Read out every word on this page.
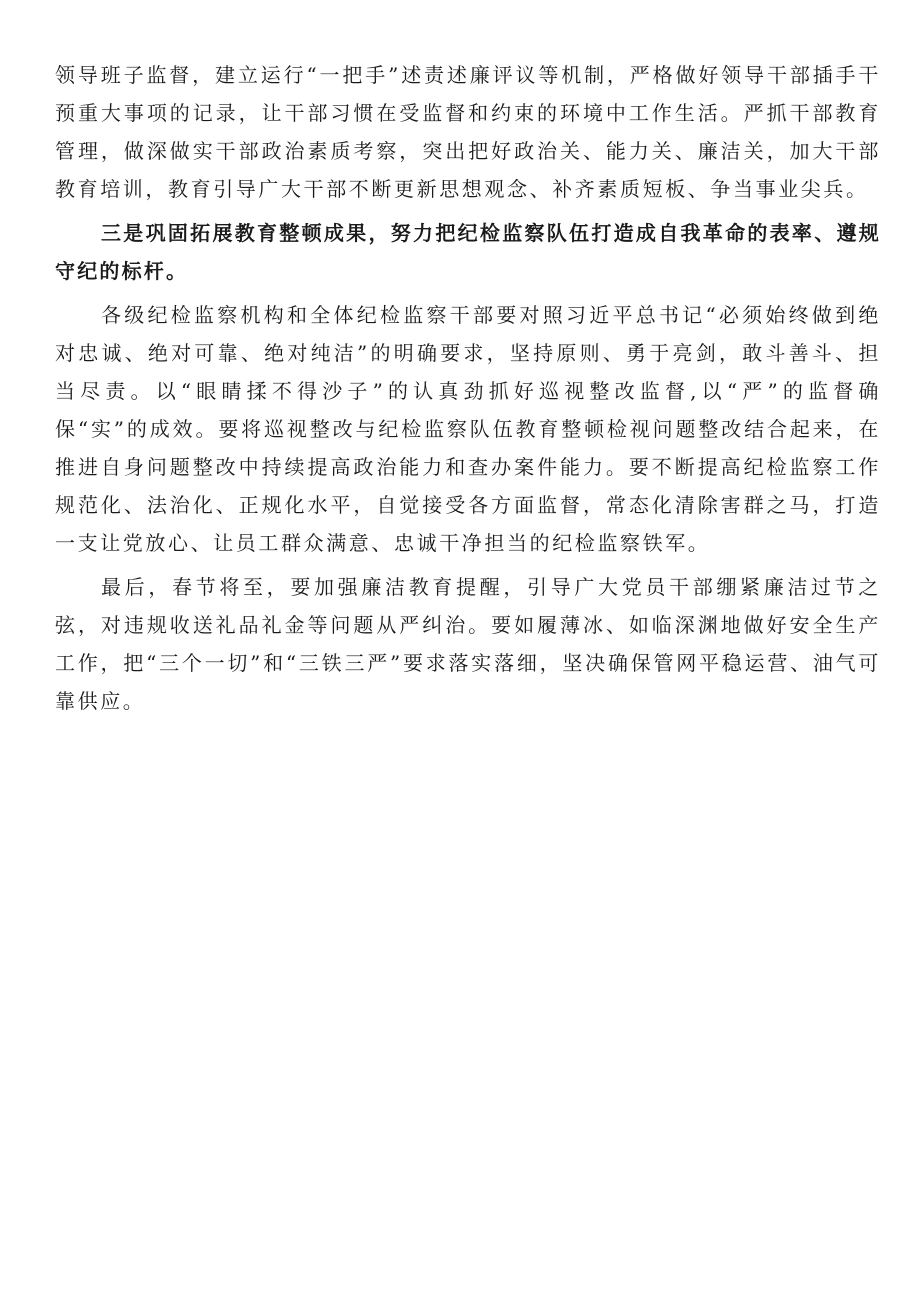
领导班子监督，建立运行“一把手”述责述廉评议等机制，严格做好领导干部插手干预重大事项的记录，让干部习惯在受监督和约束的环境中工作生活。严抓干部教育管理，做深做实干部政治素质考察，突出把好政治关、能力关、廉洁关，加大干部教育培训，教育引导广大干部不断更新思想观念、补齐素质短板、争当事业尖兵。

三是巩固拓展教育整顿成果，努力把纪检监察队伍打造成自我革命的表率、遵规守纪的标杆。

各级纪检监察机构和全体纪检监察干部要对照习近平总书记“必须始终做到绝对忠诚、绝对可靠、绝对纯洁”的明确要求，坚持原则、勇于亮剑，敢斗善斗、担当尽责。以“眼睛揉不得沙子”的认真劲抓好巡视整改监督,以“严”的监督确保“实”的成效。要将巡视整改与纪检监察队伍教育整顿检视问题整改结合起来，在推进自身问题整改中持续提高政治能力和查办案件能力。要不断提高纪检监察工作规范化、法治化、正规化水平，自觉接受各方面监督，常态化清除害群之马，打造一支让党放心、让员工群众满意、忠诚干净担当的纪检监察铁军。

最后，春节将至，要加强廉洁教育提醒，引导广大党员干部绷紧廉洁过节之弦，对违规收送礼品礼金等问题从严纠治。要如履薄冰、如临深渊地做好安全生产工作，把“三个一切”和“三铁三严”要求落实落细，坚决确保管网平稳运营、油气可靠供应。
